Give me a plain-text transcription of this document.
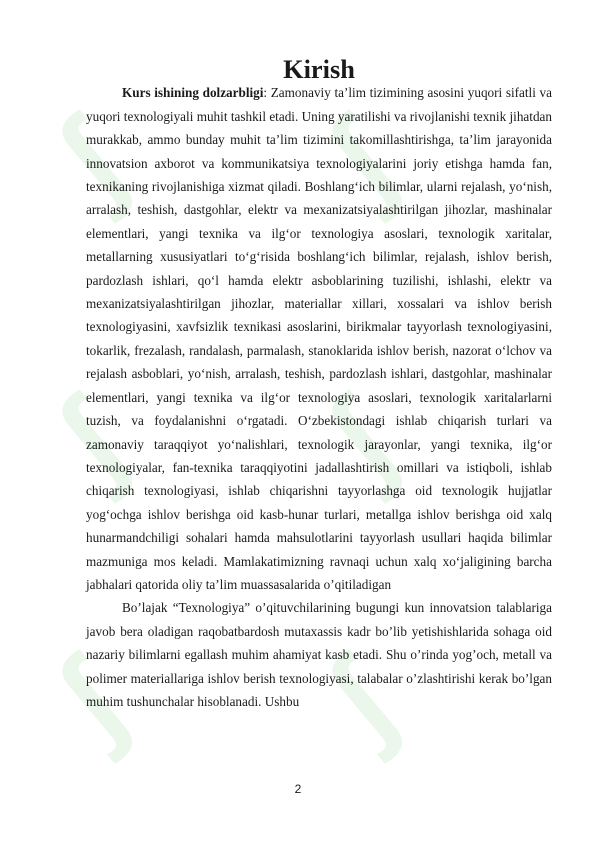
ʃ ʃ
ʃ ʃ
ʃ ʃ
Kirish

Kurs ishining dolzarbligi: Zamonaviy ta’lim tizimining asosini yuqori sifatli va yuqori texnologiyali muhit tashkil etadi. Uning yaratilishi va rivojlanishi texnik jihatdan murakkab, ammo bunday muhit ta’lim tizimini takomillashtirishga, ta’lim jarayonida innovatsion axborot va kommunikatsiya texnologiyalarini joriy etishga hamda fan, texnikaning rivojlanishiga xizmat qiladi. Boshlang‘ich bilimlar, ularni rejalash, yo‘nish, arralash, teshish, dastgohlar, elektr va mexanizatsiyalashtirilgan jihozlar, mashinalar elementlari, yangi texnika va ilg‘or texnologiya asoslari, texnologik xaritalar, metallarning xususiyatlari to‘g‘risida boshlang‘ich bilimlar, rejalash, ishlov berish, pardozlash ishlari, qo‘l hamda elektr asboblarining tuzilishi, ishlashi, elektr va mexanizatsiyalashtirilgan jihozlar, materiallar xillari, xossalari va ishlov berish texnologiyasini, xavfsizlik texnikasi asoslarini, birikmalar tayyorlash texnologiyasini, tokarlik, frezalash, randalash, parmalash, stanoklarida ishlov berish, nazorat o‘lchov va rejalash asboblari, yo‘nish, arralash, teshish, pardozlash ishlari, dastgohlar, mashinalar elementlari, yangi texnika va ilg‘or texnologiya asoslari, texnologik xaritalarlarni tuzish, va foydalanishni o‘rgatadi. O‘zbekistondagi ishlab chiqarish turlari va zamonaviy taraqqiyot yo‘nalishlari, texnologik jarayonlar, yangi texnika, ilg‘or texnologiyalar, fan-texnika taraqqiyotini jadallashtirish omillari va istiqboli, ishlab chiqarish texnologiyasi, ishlab chiqarishni tayyorlashga oid texnologik hujjatlar yog‘ochga ishlov berishga oid kasb-hunar turlari, metallga ishlov berishga oid xalq hunarmandchiligi sohalari hamda mahsulotlarini tayyorlash usullari haqida bilimlar mazmuniga mos keladi. Mamlakatimizning ravnaqi uchun xalq xo‘jaligining barcha jabhalari qatorida oliy ta’lim muassasalarida o’qitiladigan

Bo’lajak “Texnologiya” o’qituvchilarining bugungi kun innovatsion talablariga javob bera oladigan raqobatbardosh mutaxassis kadr bo’lib yetishishlarida sohaga oid nazariy bilimlarni egallash muhim ahamiyat kasb etadi. Shu o’rinda yog’och, metall va polimer materiallariga ishlov berish texnologiyasi, talabalar o’zlashtirishi kerak bo’lgan muhim tushunchalar hisoblanadi. Ushbu

2
